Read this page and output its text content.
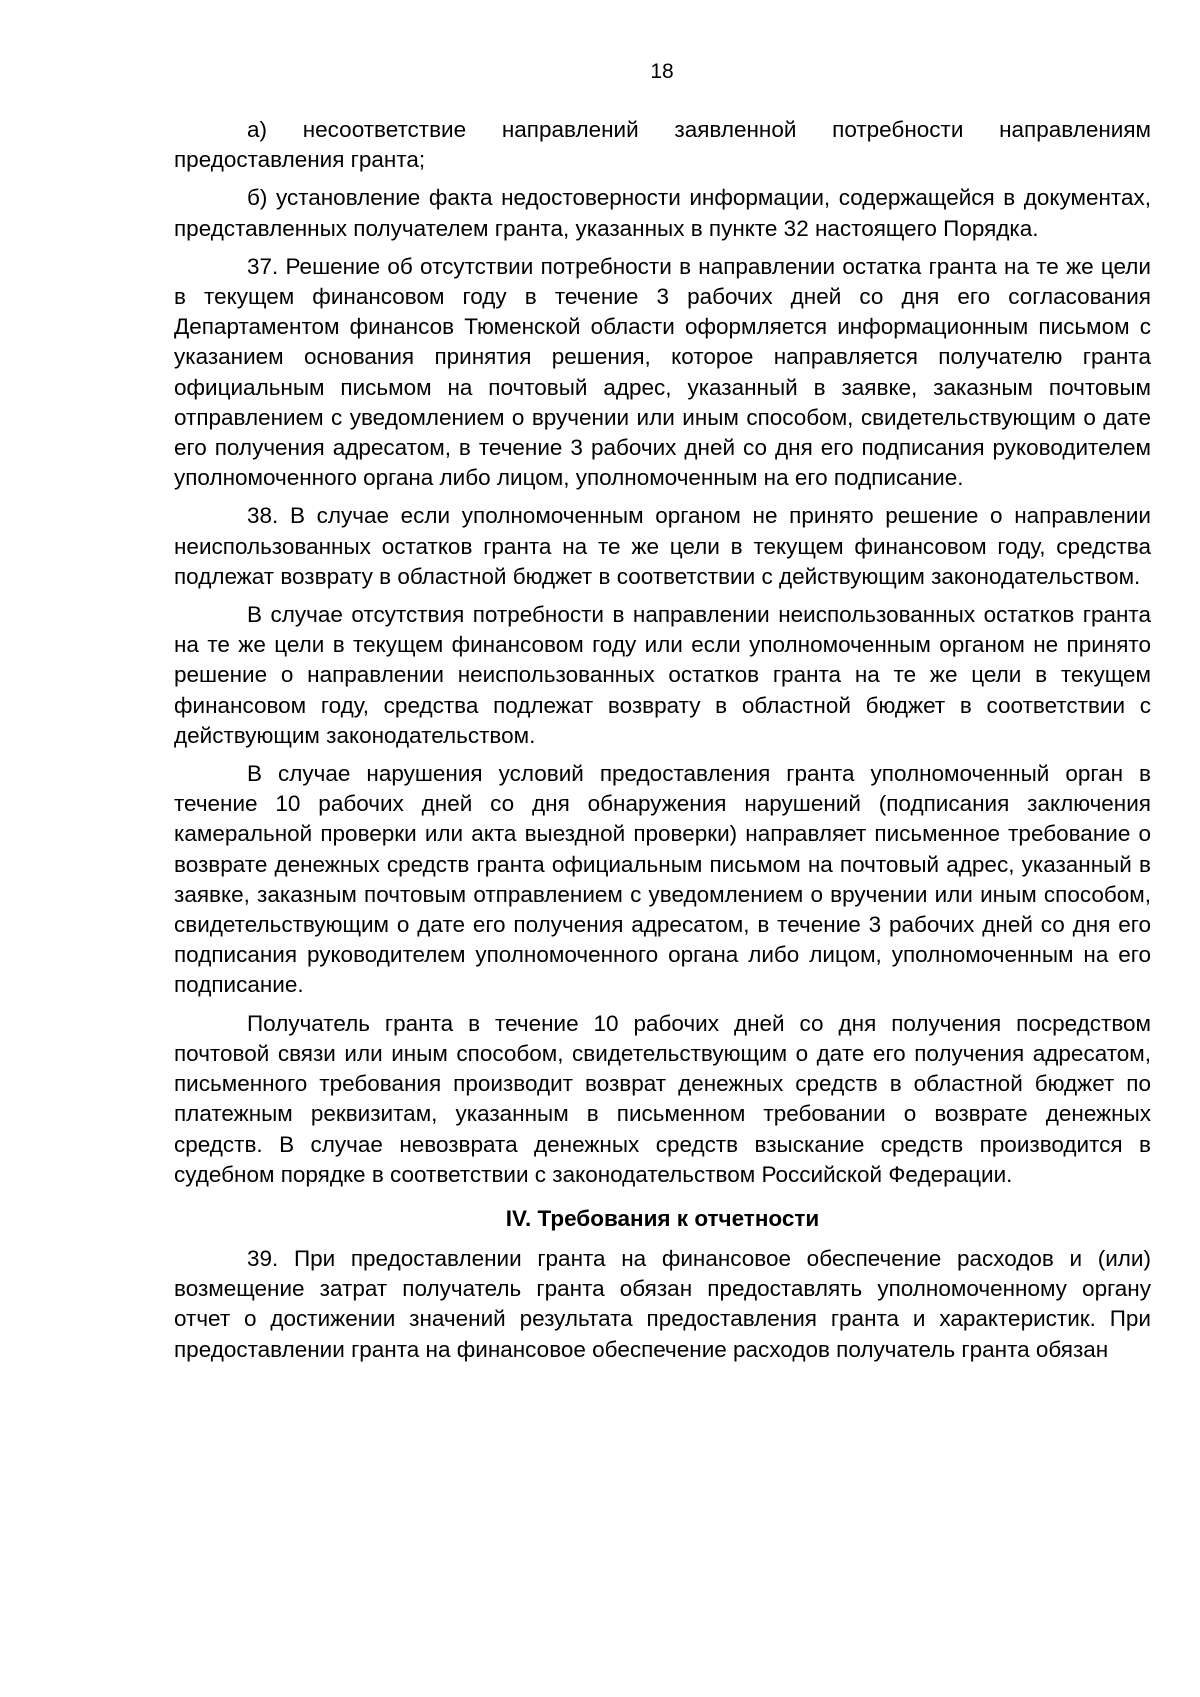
18

а) несоответствие направлений заявленной потребности направлениям предоставления гранта;

б) установление факта недостоверности информации, содержащейся в документах, представленных получателем гранта, указанных в пункте 32 настоящего Порядка.

37. Решение об отсутствии потребности в направлении остатка гранта на те же цели в текущем финансовом году в течение 3 рабочих дней со дня его согласования Департаментом финансов Тюменской области оформляется информационным письмом с указанием основания принятия решения, которое направляется получателю гранта официальным письмом на почтовый адрес, указанный в заявке, заказным почтовым отправлением с уведомлением о вручении или иным способом, свидетельствующим о дате его получения адресатом, в течение 3 рабочих дней со дня его подписания руководителем уполномоченного органа либо лицом, уполномоченным на его подписание.

38. В случае если уполномоченным органом не принято решение о направлении неиспользованных остатков гранта на те же цели в текущем финансовом году, средства подлежат возврату в областной бюджет в соответствии с действующим законодательством.

В случае отсутствия потребности в направлении неиспользованных остатков гранта на те же цели в текущем финансовом году или если уполномоченным органом не принято решение о направлении неиспользованных остатков гранта на те же цели в текущем финансовом году, средства подлежат возврату в областной бюджет в соответствии с действующим законодательством.

В случае нарушения условий предоставления гранта уполномоченный орган в течение 10 рабочих дней со дня обнаружения нарушений (подписания заключения камеральной проверки или акта выездной проверки) направляет письменное требование о возврате денежных средств гранта официальным письмом на почтовый адрес, указанный в заявке, заказным почтовым отправлением с уведомлением о вручении или иным способом, свидетельствующим о дате его получения адресатом, в течение 3 рабочих дней со дня его подписания руководителем уполномоченного органа либо лицом, уполномоченным на его подписание.

Получатель гранта в течение 10 рабочих дней со дня получения посредством почтовой связи или иным способом, свидетельствующим о дате его получения адресатом, письменного требования производит возврат денежных средств в областной бюджет по платежным реквизитам, указанным в письменном требовании о возврате денежных средств. В случае невозврата денежных средств взыскание средств производится в судебном порядке в соответствии с законодательством Российской Федерации.

IV. Требования к отчетности

39. При предоставлении гранта на финансовое обеспечение расходов и (или) возмещение затрат получатель гранта обязан предоставлять уполномоченному органу отчет о достижении значений результата предоставления гранта и характеристик. При предоставлении гранта на финансовое обеспечение расходов получатель гранта обязан
